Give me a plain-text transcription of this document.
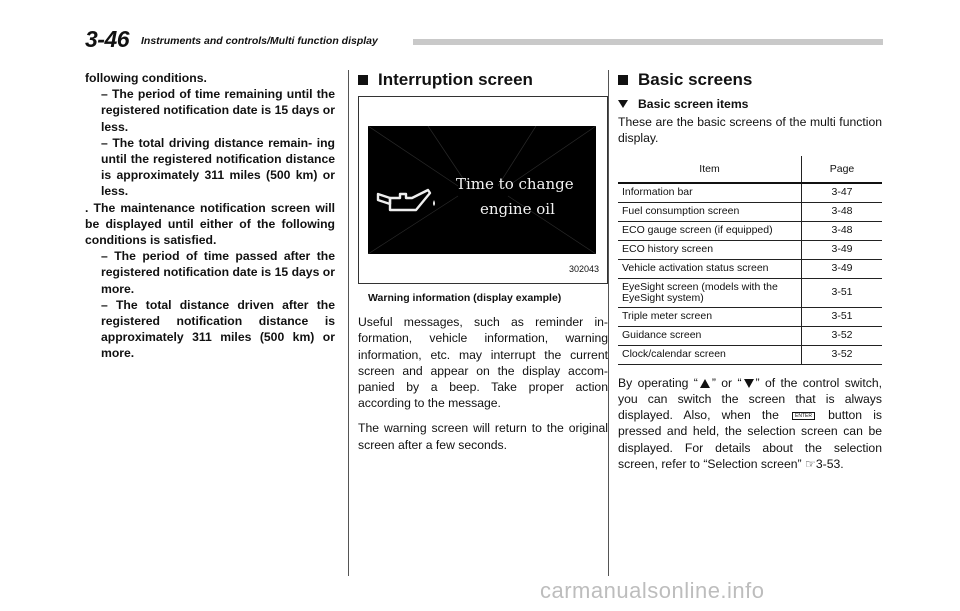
3-46 Instruments and controls/Multi function display

following conditions.

– The period of time remaining until the registered notification date is 15 days or less.

– The total driving distance remain- ing until the registered notification distance is approximately 311 miles (500 km) or less.

. The maintenance notification screen will be displayed until either of the following conditions is satisfied.

– The period of time passed after the registered notification date is 15 days or more.

– The total distance driven after the registered notification distance is approximately 311 miles (500 km) or more.

Interruption screen
Time to change
engine oil
302043
Warning information (display example)

Useful messages, such as reminder in- formation, vehicle information, warning information, etc. may interrupt the current screen and appear on the display accom- panied by a beep. Take proper action according to the message.

The warning screen will return to the original screen after a few seconds.

Basic screens
Basic screen items

These are the basic screens of the multi function display.

Item	Page
Information bar	3-47
Fuel consumption screen	3-48
ECO gauge screen (if equipped)	3-48
ECO history screen	3-49
Vehicle activation status screen	3-49
EyeSight screen (models with the EyeSight system)	3-51
Triple meter screen	3-51
Guidance screen	3-52
Clock/calendar screen	3-52

By operating “ ” or “ ” of the control switch, you can switch the screen that is always displayed. Also, when the	ENTER button is pressed and held, the selection screen can be displayed. For details about the selection screen, refer to “Selection screen” ☞3-53.

carmanualsonline.info
